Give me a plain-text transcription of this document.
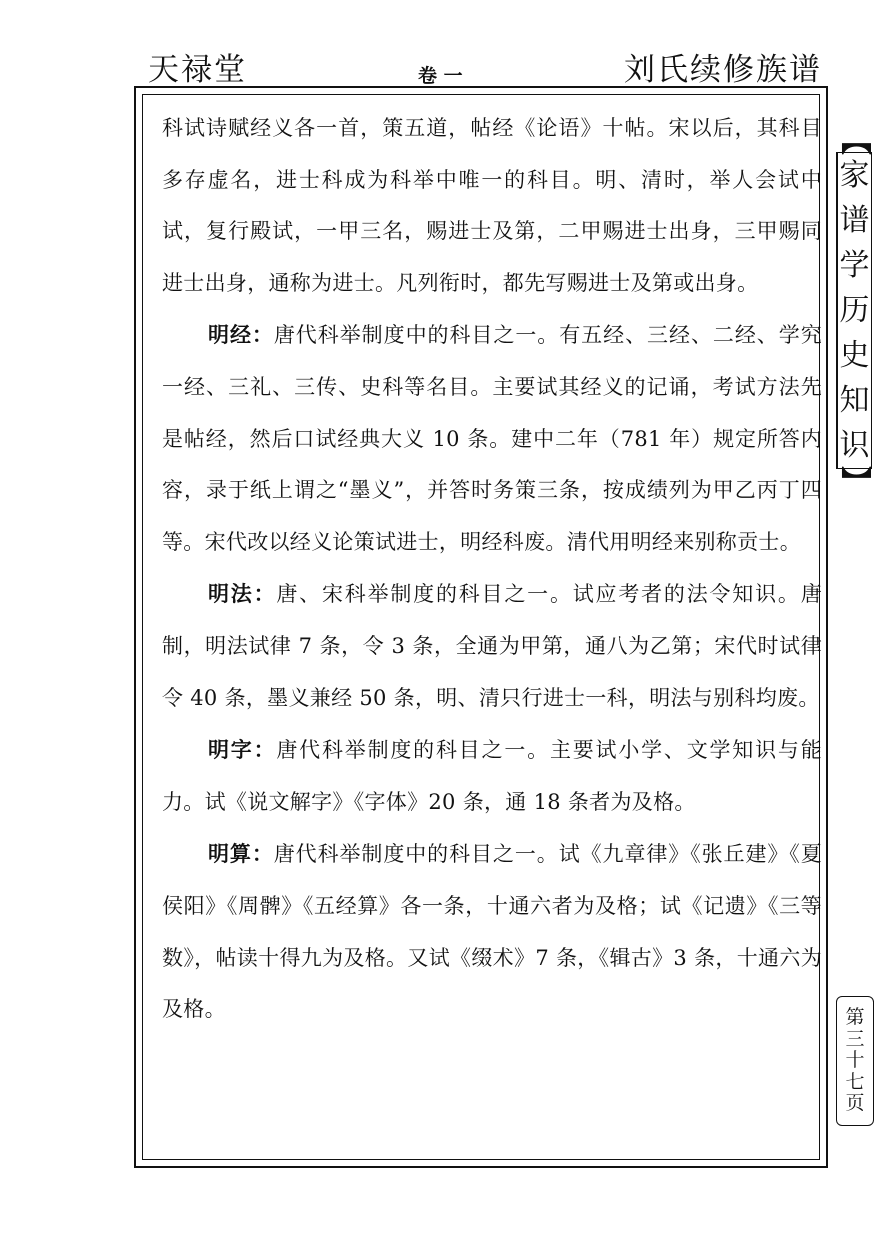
天禄堂	卷 一	刘氏续修族谱

科试诗赋经义各一首，策五道，帖经《论语》十帖。宋以后，其科目多存虚名，进士科成为科举中唯一的科目。明、清时，举人会试中试，复行殿试，一甲三名，赐进士及第，二甲赐进士出身，三甲赐同进士出身，通称为进士。凡列衔时，都先写赐进士及第或出身。

明经：唐代科举制度中的科目之一。有五经、三经、二经、学究一经、三礼、三传、史科等名目。主要试其经义的记诵，考试方法先是帖经，然后口试经典大义 10 条。建中二年（781 年）规定所答内容，录于纸上谓之“墨义”，并答时务策三条，按成绩列为甲乙丙丁四等。宋代改以经义论策试进士，明经科废。清代用明经来别称贡士。

明法：唐、宋科举制度的科目之一。试应考者的法令知识。唐制，明法试律 7 条，令 3 条，全通为甲第，通八为乙第；宋代时试律令 40 条，墨义兼经 50 条，明、清只行进士一科，明法与别科均废。

明字：唐代科举制度的科目之一。主要试小学、文学知识与能力。试《说文解字》《字体》20 条，通 18 条者为及格。

明算：唐代科举制度中的科目之一。试《九章律》《张丘建》《夏侯阳》《周髀》《五经算》各一条，十通六者为及格；试《记遗》《三等数》，帖读十得九为及格。又试《缀术》7 条，《辑古》3 条，十通六为及格。

【
家
谱
学
历
史
知
识
】
第
三
十
七
页
